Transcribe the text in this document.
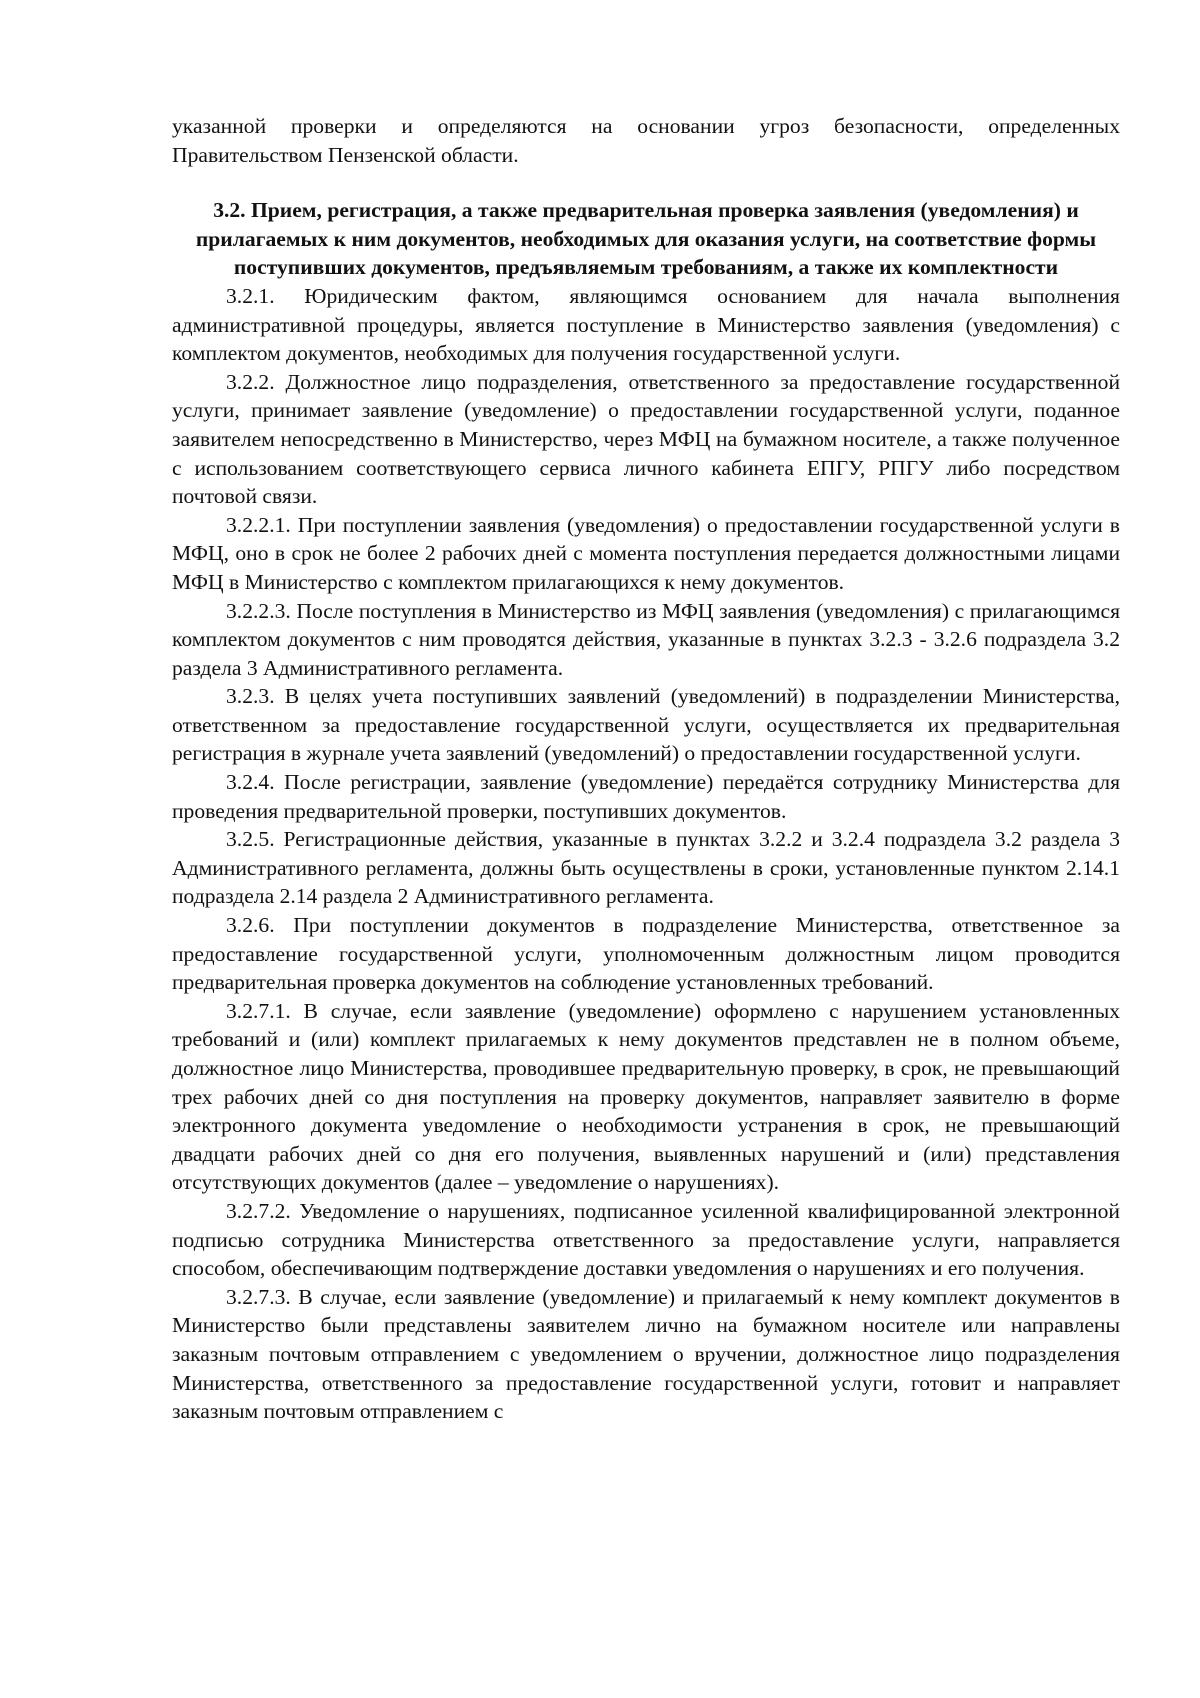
указанной проверки и определяются на основании угроз безопасности, определенных Правительством Пензенской области.

3.2. Прием, регистрация, а также предварительная проверка заявления (уведомления) и прилагаемых к ним документов, необходимых для оказания услуги, на соответствие формы поступивших документов, предъявляемым требованиям, а также их комплектности

3.2.1. Юридическим фактом, являющимся основанием для начала выполнения административной процедуры, является поступление в Министерство заявления (уведомления) с комплектом документов, необходимых для получения государственной услуги.

3.2.2. Должностное лицо подразделения, ответственного за предоставление государственной услуги, принимает заявление (уведомление) о предоставлении государственной услуги, поданное заявителем непосредственно в Министерство, через МФЦ на бумажном носителе, а также полученное с использованием соответствующего сервиса личного кабинета ЕПГУ, РПГУ либо посредством почтовой связи.

3.2.2.1. При поступлении заявления (уведомления) о предоставлении государственной услуги в МФЦ, оно в срок не более 2 рабочих дней с момента поступления передается должностными лицами МФЦ в Министерство с комплектом прилагающихся к нему документов.

3.2.2.3. После поступления в Министерство из МФЦ заявления (уведомления) с прилагающимся комплектом документов с ним проводятся действия, указанные в пунктах 3.2.3 - 3.2.6 подраздела 3.2 раздела 3 Административного регламента.

3.2.3. В целях учета поступивших заявлений (уведомлений) в подразделении Министерства, ответственном за предоставление государственной услуги, осуществляется их предварительная регистрация в журнале учета заявлений (уведомлений) о предоставлении государственной услуги.

3.2.4. После регистрации, заявление (уведомление) передаётся сотруднику Министерства для проведения предварительной проверки, поступивших документов.

3.2.5. Регистрационные действия, указанные в пунктах 3.2.2 и 3.2.4 подраздела 3.2 раздела 3 Административного регламента, должны быть осуществлены в сроки, установленные пунктом 2.14.1 подраздела 2.14 раздела 2 Административного регламента.

3.2.6. При поступлении документов в подразделение Министерства, ответственное за предоставление государственной услуги, уполномоченным должностным лицом проводится предварительная проверка документов на соблюдение установленных требований.

3.2.7.1. В случае, если заявление (уведомление) оформлено с нарушением установленных требований и (или) комплект прилагаемых к нему документов представлен не в полном объеме, должностное лицо Министерства, проводившее предварительную проверку, в срок, не превышающий трех рабочих дней со дня поступления на проверку документов, направляет заявителю в форме электронного документа уведомление о необходимости устранения в срок, не превышающий двадцати рабочих дней со дня его получения, выявленных нарушений и (или) представления отсутствующих документов (далее – уведомление о нарушениях).

3.2.7.2. Уведомление о нарушениях, подписанное усиленной квалифицированной электронной подписью сотрудника Министерства ответственного за предоставление услуги, направляется способом, обеспечивающим подтверждение доставки уведомления о нарушениях и его получения.

3.2.7.3. В случае, если заявление (уведомление) и прилагаемый к нему комплект документов в Министерство были представлены заявителем лично на бумажном носителе или направлены заказным почтовым отправлением с уведомлением о вручении, должностное лицо подразделения Министерства, ответственного за предоставление государственной услуги, готовит и направляет заказным почтовым отправлением с
